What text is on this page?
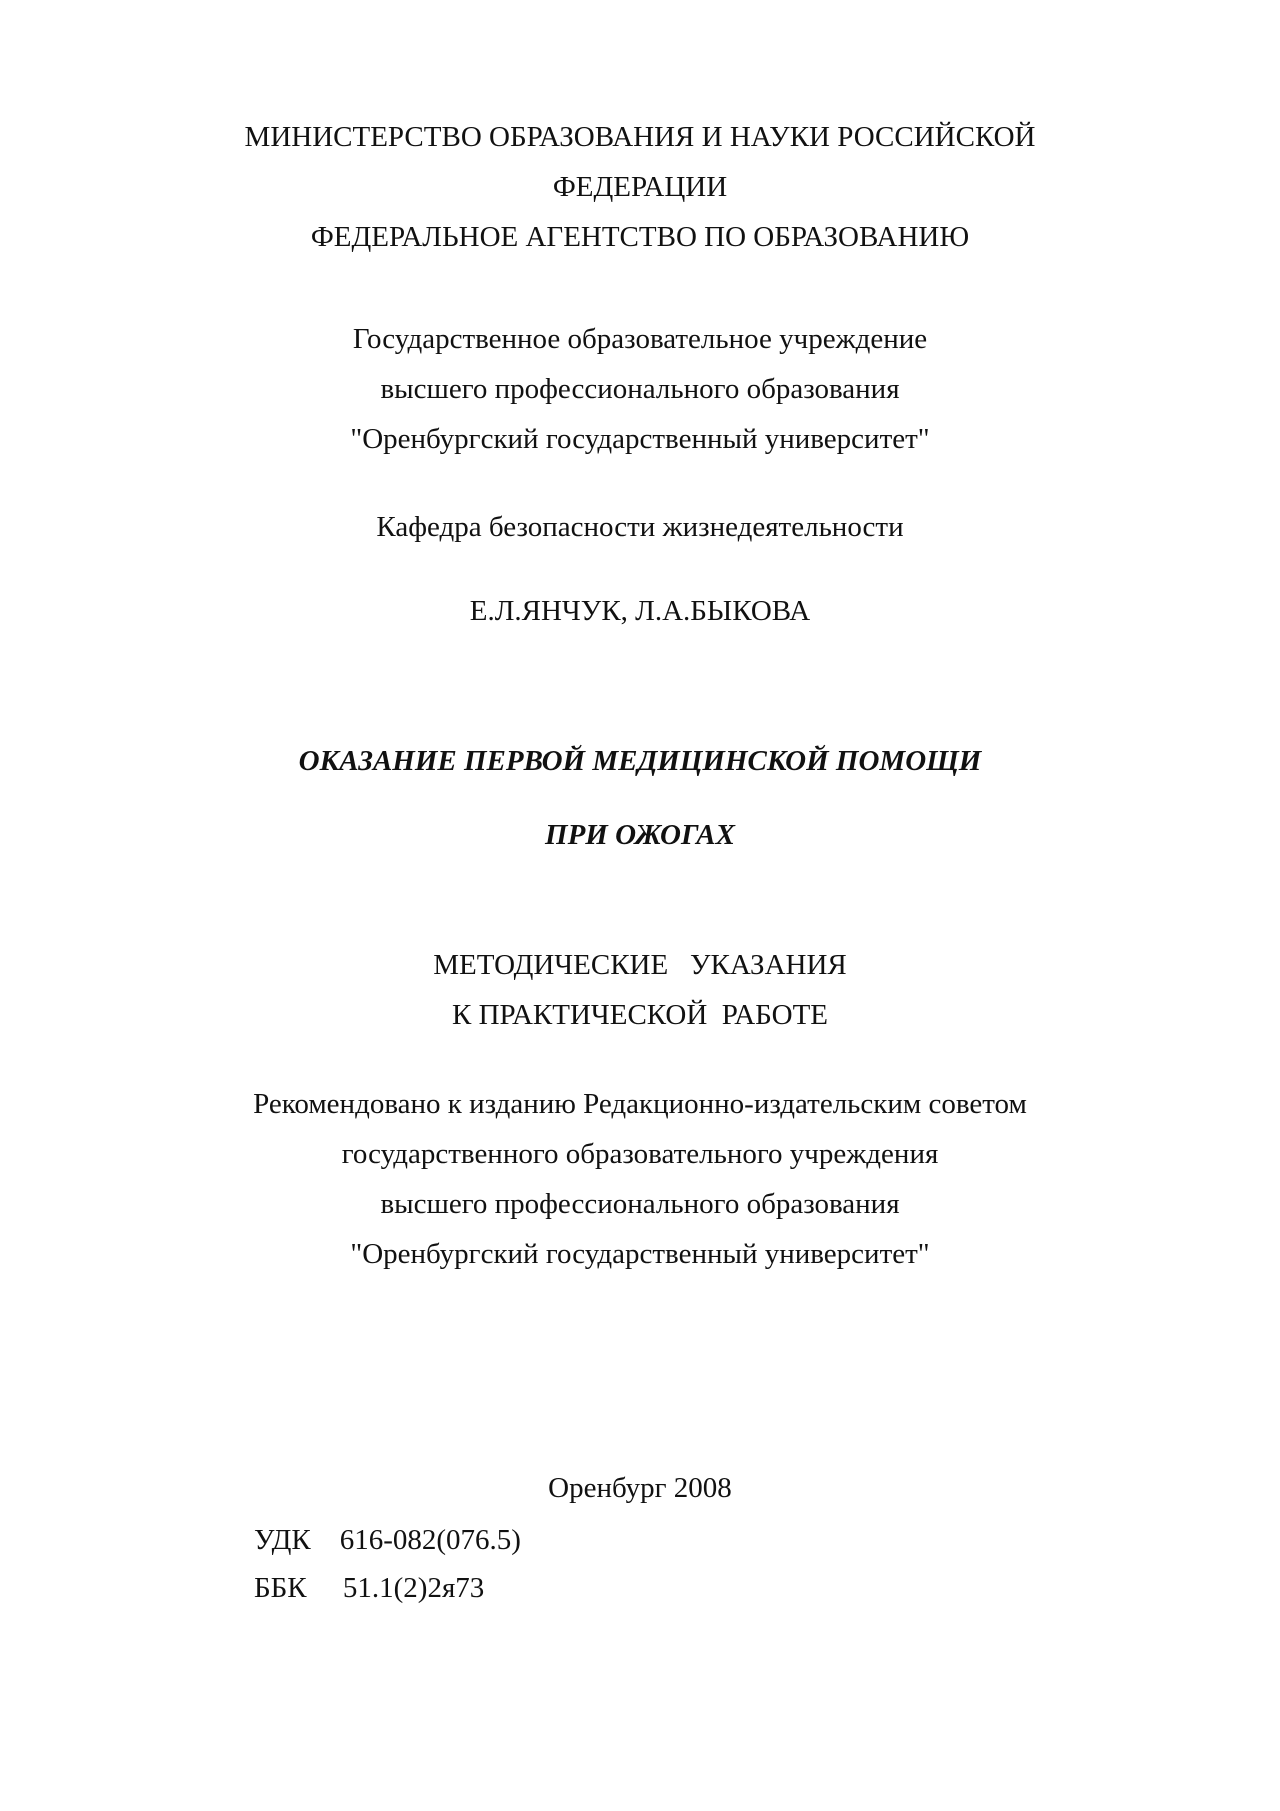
МИНИСТЕРСТВО ОБРАЗОВАНИЯ И НАУКИ РОССИЙСКОЙ
ФЕДЕРАЦИИ
ФЕДЕРАЛЬНОЕ АГЕНТСТВО ПО ОБРАЗОВАНИЮ
Государственное образовательное учреждение
высшего профессионального образования
"Оренбургский государственный университет"
Кафедра безопасности жизнедеятельности
Е.Л.ЯНЧУК, Л.А.БЫКОВА
ОКАЗАНИЕ ПЕРВОЙ МЕДИЦИНСКОЙ ПОМОЩИ
ПРИ ОЖОГАХ
МЕТОДИЧЕСКИЕ   УКАЗАНИЯ
К ПРАКТИЧЕСКОЙ  РАБОТЕ
Рекомендовано к изданию Редакционно-издательским советом
государственного образовательного учреждения
высшего профессионального образования
"Оренбургский государственный университет"
Оренбург 2008
УДК    616-082(076.5)
ББК     51.1(2)2я73
